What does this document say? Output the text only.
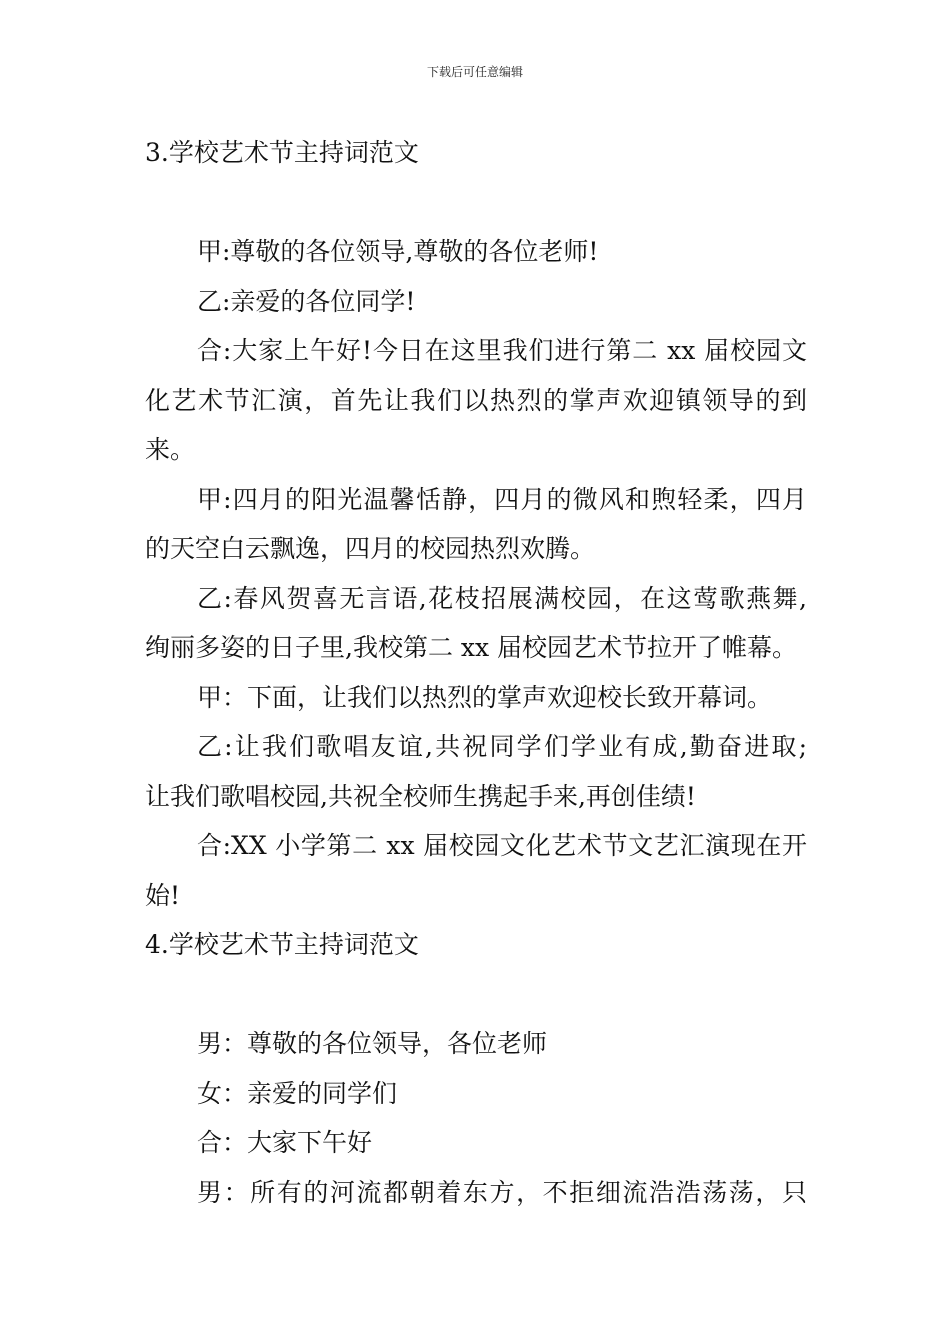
下载后可任意编辑
3.学校艺术节主持词范文
甲:尊敬的各位领导,尊敬的各位老师!
乙:亲爱的各位同学!
合:大家上午好!今日在这里我们进行第二 xx 届校园文
化艺术节汇演，首先让我们以热烈的掌声欢迎镇领导的到
来。
甲:四月的阳光温馨恬静，四月的微风和煦轻柔，四月
的天空白云飘逸，四月的校园热烈欢腾。
乙:春风贺喜无言语,花枝招展满校园，在这莺歌燕舞,
绚丽多姿的日子里,我校第二 xx 届校园艺术节拉开了帷幕。
甲：下面，让我们以热烈的掌声欢迎校长致开幕词。
乙:让我们歌唱友谊,共祝同学们学业有成,勤奋进取;
让我们歌唱校园,共祝全校师生携起手来,再创佳绩!
合:XX 小学第二 xx 届校园文化艺术节文艺汇演现在开
始!
4.学校艺术节主持词范文
男：尊敬的各位领导，各位老师
女：亲爱的同学们
合：大家下午好
男：所有的河流都朝着东方，不拒细流浩浩荡荡，只
